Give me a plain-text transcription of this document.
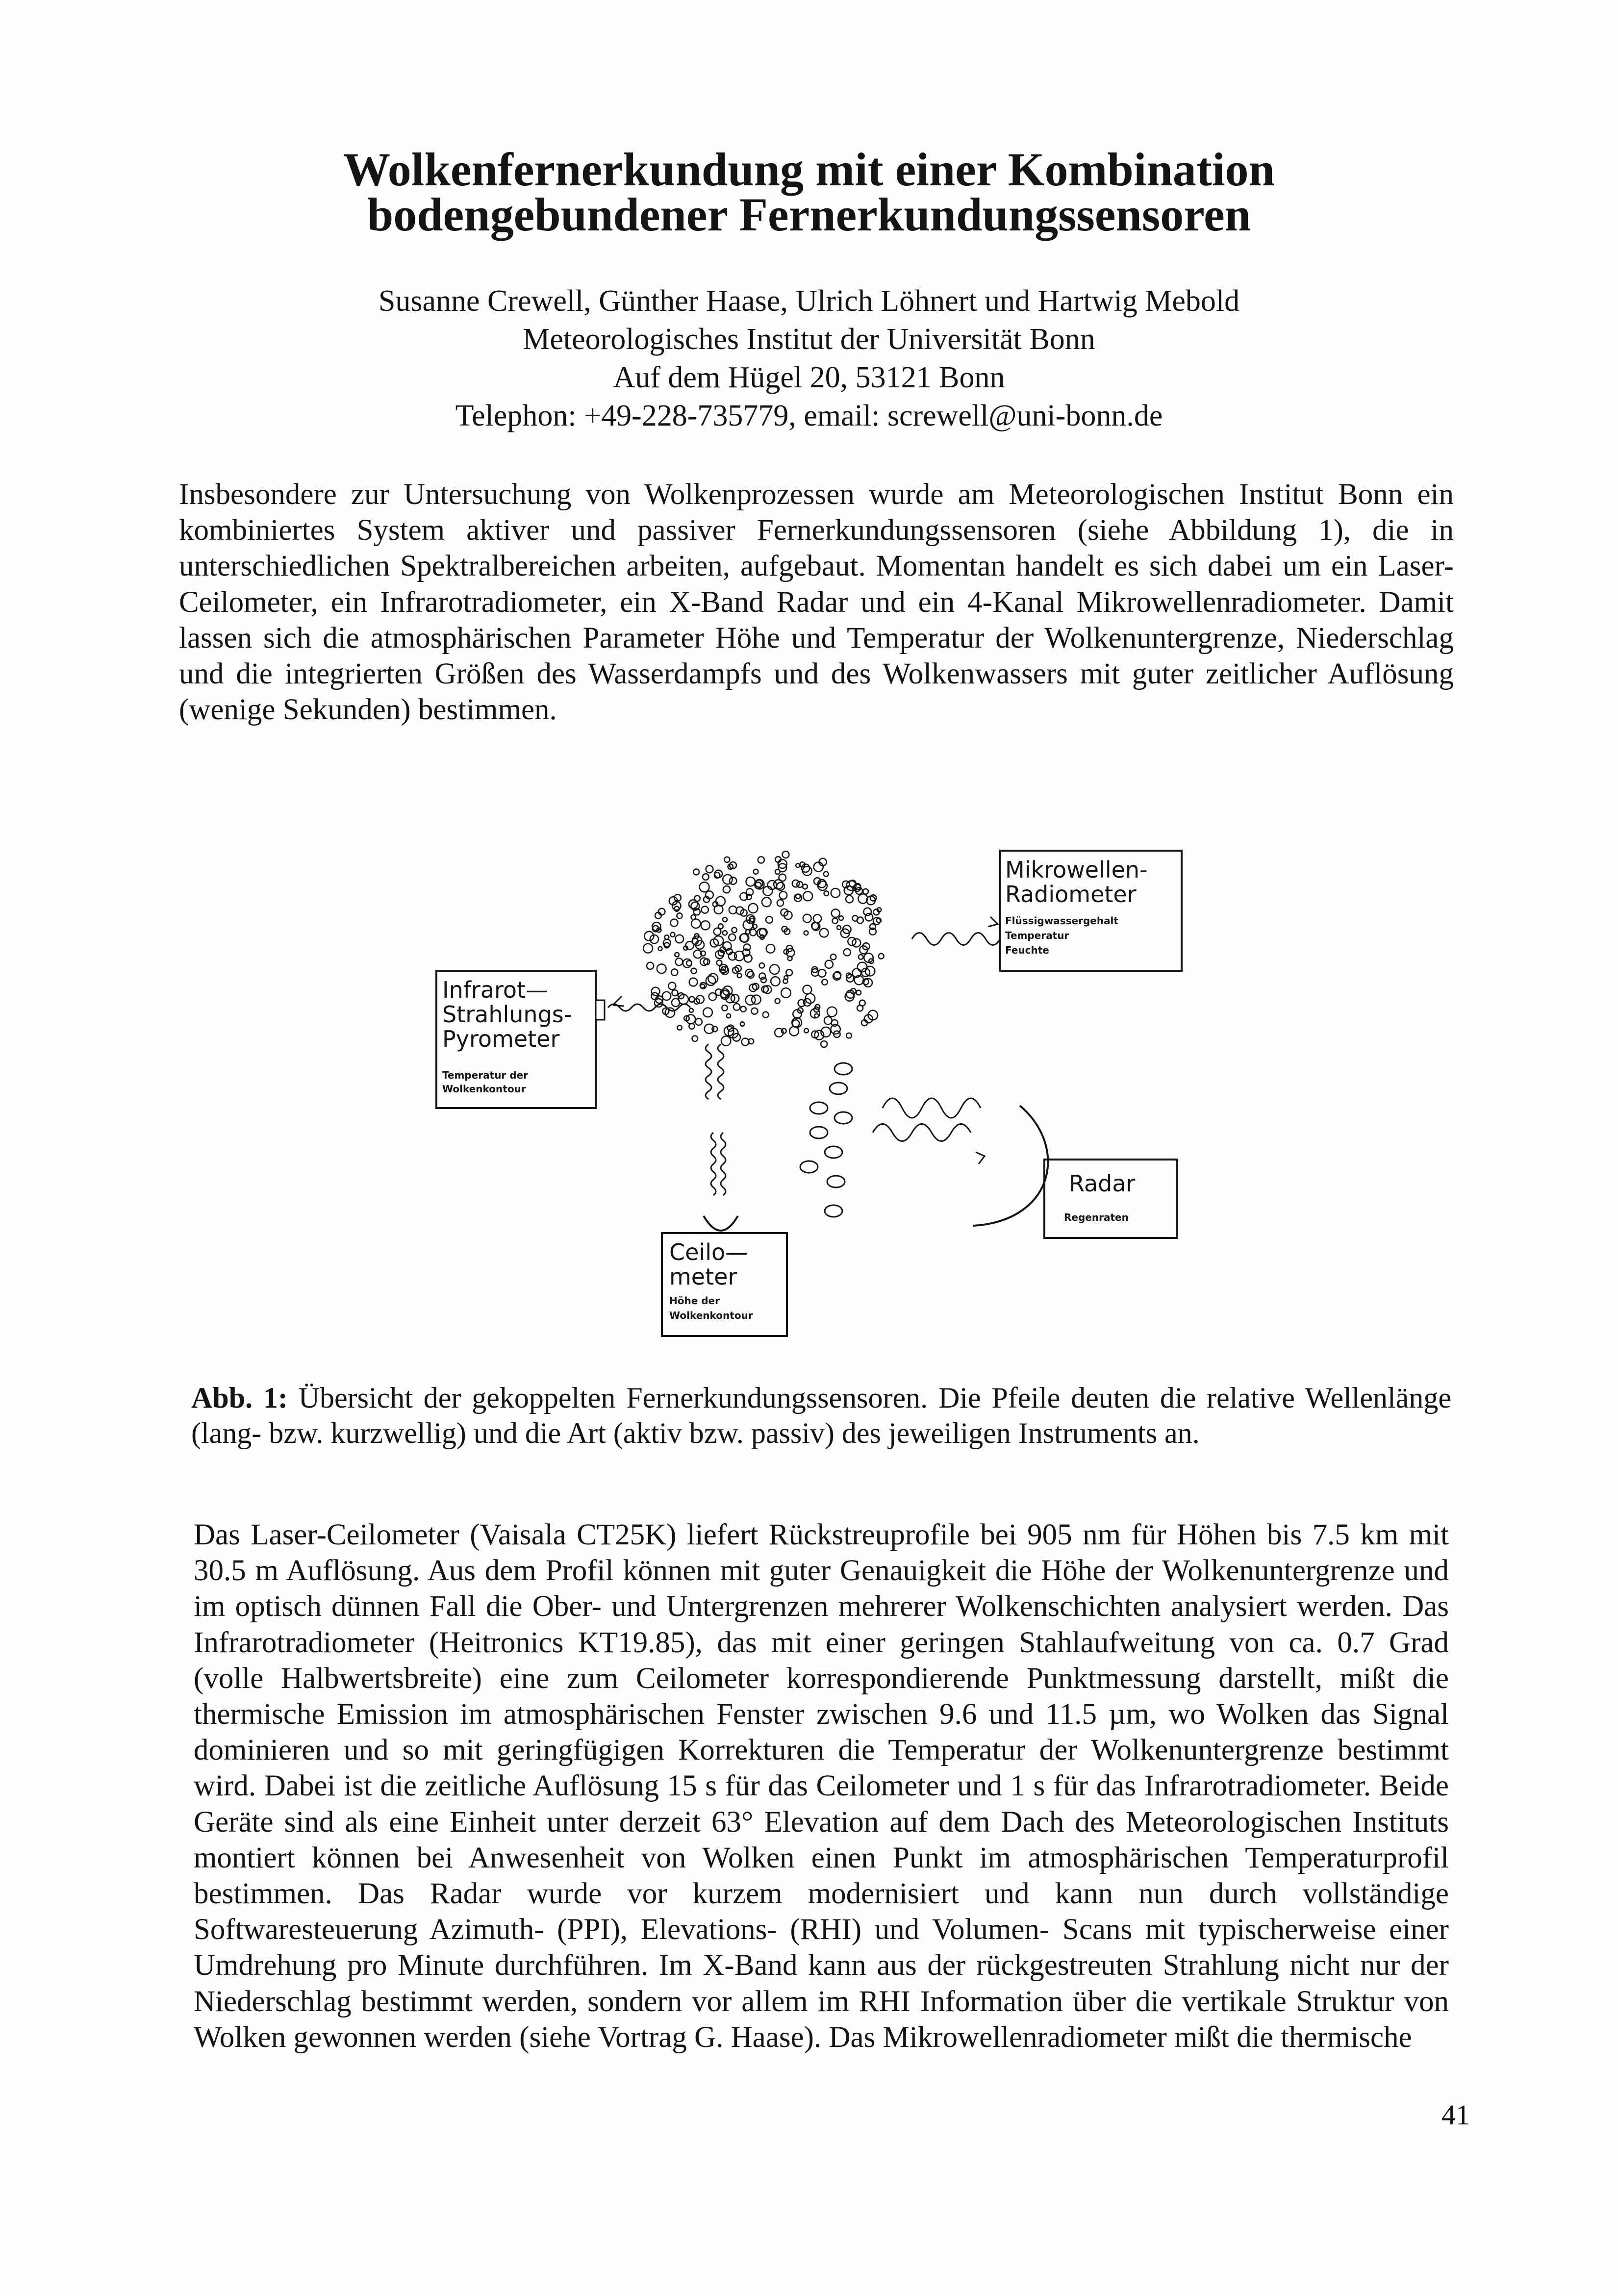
Wolkenfernerkundung mit einer Kombination
bodengebundener Fernerkundungssensoren
Susanne Crewell, Günther Haase, Ulrich Löhnert und Hartwig Mebold
Meteorologisches Institut der Universität Bonn
Auf dem Hügel 20, 53121 Bonn
Telephon: +49-228-735779, email: screwell@uni-bonn.de

Insbesondere zur Untersuchung von Wolkenprozessen wurde am Meteorologischen Institut Bonn ein kombiniertes System aktiver und passiver Fernerkundungssensoren (siehe Abbildung 1), die in unterschiedlichen Spektralbereichen arbeiten, aufgebaut. Momentan handelt es sich dabei um ein Laser-Ceilometer, ein Infrarotradiometer, ein X-Band Radar und ein 4-Kanal Mikrowellenradiometer. Damit lassen sich die atmosphärischen Parameter Höhe und Temperatur der Wolkenuntergrenze, Niederschlag und die integrierten Größen des Wasserdampfs und des Wolkenwassers mit guter zeitlicher Auflösung (wenige Sekunden) bestimmen.

Mikrowellen-
Radiometer
Flüssigwassergehalt
Temperatur
Feuchte
Infrarot—
Strahlungs-
Pyrometer
Temperatur der
Wolkenkontour
Radar
Regenraten
Ceilo—
meter
Höhe der
Wolkenkontour

Abb. 1: Übersicht der gekoppelten Fernerkundungssensoren. Die Pfeile deuten die relative Wellenlänge (lang- bzw. kurzwellig) und die Art (aktiv bzw. passiv) des jeweiligen Instruments an.

Das Laser-Ceilometer (Vaisala CT25K) liefert Rückstreuprofile bei 905 nm für Höhen bis 7.5 km mit 30.5 m Auflösung. Aus dem Profil können mit guter Genauigkeit die Höhe der Wolkenuntergrenze und im optisch dünnen Fall die Ober- und Untergrenzen mehrerer Wolkenschichten analysiert werden. Das Infrarotradiometer (Heitronics KT19.85), das mit einer geringen Stahlaufweitung von ca. 0.7 Grad (volle Halbwertsbreite) eine zum Ceilometer korrespondierende Punktmessung darstellt, mißt die thermische Emission im atmosphärischen Fenster zwischen 9.6 und 11.5 µm, wo Wolken das Signal dominieren und so mit geringfügigen Korrekturen die Temperatur der Wolkenuntergrenze bestimmt wird. Dabei ist die zeitliche Auflösung 15 s für das Ceilometer und 1 s für das Infrarotradiometer. Beide Geräte sind als eine Einheit unter derzeit 63° Elevation auf dem Dach des Meteorologischen Instituts montiert können bei Anwesenheit von Wolken einen Punkt im atmosphärischen Temperaturprofil bestimmen. Das Radar wurde vor kurzem modernisiert und kann nun durch vollständige Softwaresteuerung Azimuth- (PPI), Elevations- (RHI) und Volumen- Scans mit typischerweise einer Umdrehung pro Minute durchführen. Im X-Band kann aus der rückgestreuten Strahlung nicht nur der Niederschlag bestimmt werden, sondern vor allem im RHI Information über die vertikale Struktur von Wolken gewonnen werden (siehe Vortrag G. Haase). Das Mikrowellenradiometer mißt die thermische

41
